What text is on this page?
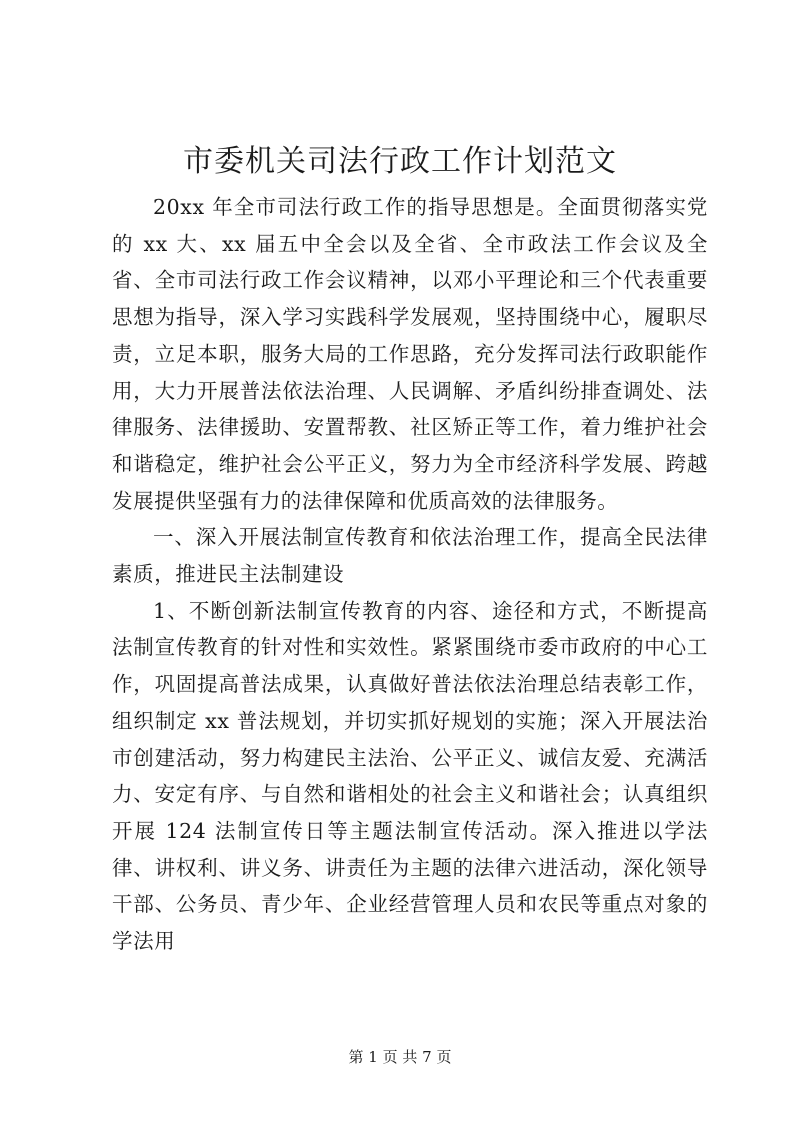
市委机关司法行政工作计划范文

20xx 年全市司法行政工作的指导思想是。全面贯彻落实党的 xx 大、xx 届五中全会以及全省、全市政法工作会议及全省、全市司法行政工作会议精神，以邓小平理论和三个代表重要思想为指导，深入学习实践科学发展观，坚持围绕中心，履职尽责，立足本职，服务大局的工作思路，充分发挥司法行政职能作用，大力开展普法依法治理、人民调解、矛盾纠纷排查调处、法律服务、法律援助、安置帮教、社区矫正等工作，着力维护社会和谐稳定，维护社会公平正义，努力为全市经济科学发展、跨越发展提供坚强有力的法律保障和优质高效的法律服务。

一、深入开展法制宣传教育和依法治理工作，提高全民法律素质，推进民主法制建设

1、不断创新法制宣传教育的内容、途径和方式，不断提高法制宣传教育的针对性和实效性。紧紧围绕市委市政府的中心工作，巩固提高普法成果，认真做好普法依法治理总结表彰工作，组织制定 xx 普法规划，并切实抓好规划的实施；深入开展法治市创建活动，努力构建民主法治、公平正义、诚信友爱、充满活力、安定有序、与自然和谐相处的社会主义和谐社会；认真组织开展 124 法制宣传日等主题法制宣传活动。深入推进以学法律、讲权利、讲义务、讲责任为主题的法律六进活动，深化领导干部、公务员、青少年、企业经营管理人员和农民等重点对象的学法用

第 1 页 共 7 页
